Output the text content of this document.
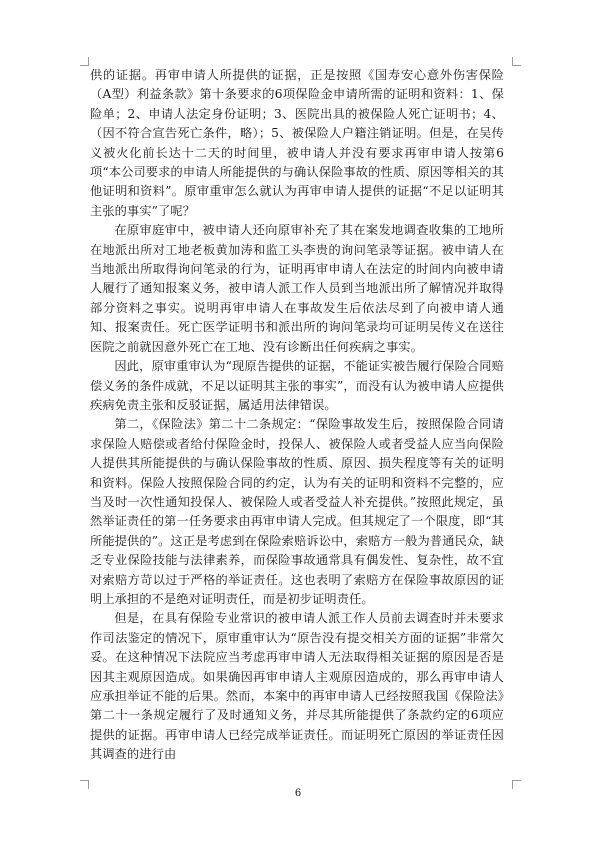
供的证据。再审申请人所提供的证据，正是按照《国寿安心意外伤害保险（A型）利益条款》第十条要求的6项保险金申请所需的证明和资料：1、保险单；2、申请人法定身份证明；3、医院出具的被保险人死亡证明书；4、（因不符合宣告死亡条件，略）；5、被保险人户籍注销证明。但是，在吴传义被火化前长达十二天的时间里，被申请人并没有要求再审申请人按第6项“本公司要求的申请人所能提供的与确认保险事故的性质、原因等相关的其他证明和资料”。原审重审怎么就认为再审申请人提供的证据“不足以证明其主张的事实”了呢？

在原审庭审中，被申请人还向原审补充了其在案发地调查收集的工地所在地派出所对工地老板黄加涛和监工头李贵的询问笔录等证据。被申请人在当地派出所取得询问笔录的行为，证明再审申请人在法定的时间内向被申请人履行了通知报案义务，被申请人派工作人员到当地派出所了解情况并取得部分资料之事实。说明再审申请人在事故发生后依法尽到了向被申请人通知、报案责任。死亡医学证明书和派出所的询问笔录均可证明吴传义在送往医院之前就因意外死亡在工地、没有诊断出任何疾病之事实。

因此，原审重审认为“现原告提供的证据，不能证实被告履行保险合同赔偿义务的条件成就，不足以证明其主张的事实”，而没有认为被申请人应提供疾病免责主张和反驳证据，属适用法律错误。

第二，《保险法》第二十二条规定：“保险事故发生后，按照保险合同请求保险人赔偿或者给付保险金时，投保人、被保险人或者受益人应当向保险人提供其所能提供的与确认保险事故的性质、原因、损失程度等有关的证明和资料。保险人按照保险合同的约定，认为有关的证明和资料不完整的，应当及时一次性通知投保人、被保险人或者受益人补充提供。”按照此规定，虽然举证责任的第一任务要求由再审申请人完成。但其规定了一个限度，即“其所能提供的”。这正是考虑到在保险索赔诉讼中，索赔方一般为普通民众，缺乏专业保险技能与法律素养，而保险事故通常具有偶发性、复杂性，故不宜对索赔方苛以过于严格的举证责任。这也表明了索赔方在保险事故原因的证明上承担的不是绝对证明责任，而是初步证明责任。

但是，在具有保险专业常识的被申请人派工作人员前去调查时并未要求作司法鉴定的情况下，原审重审认为“原告没有提交相关方面的证据”非常欠妥。在这种情况下法院应当考虑再审申请人无法取得相关证据的原因是否是因其主观原因造成。如果确因再审申请人主观原因造成的，那么再审申请人应承担举证不能的后果。然而，本案中的再审申请人已经按照我国《保险法》第二十一条规定履行了及时通知义务，并尽其所能提供了条款约定的6项应提供的证据。再审申请人已经完成举证责任。而证明死亡原因的举证责任因其调查的进行由

6
